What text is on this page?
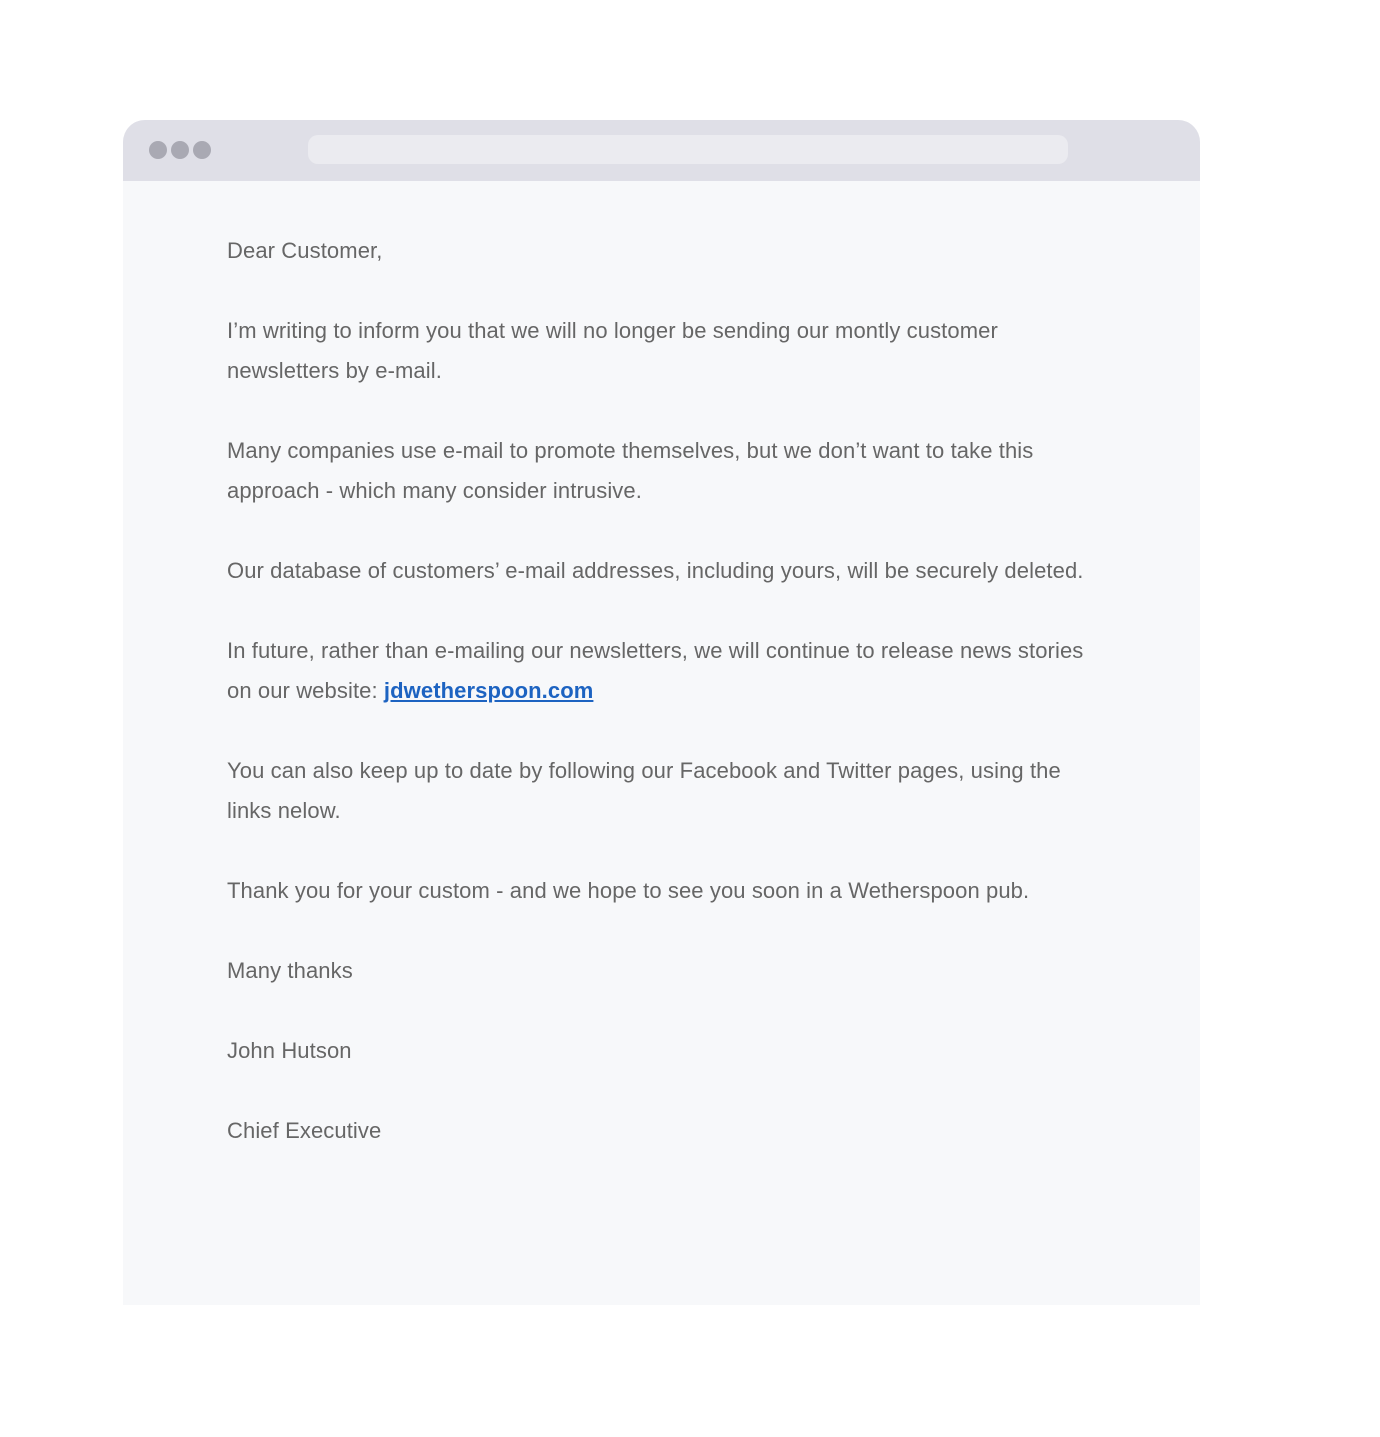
Dear Customer,

I’m writing to inform you that we will no longer be sending our montly customer newsletters by e-mail.

Many companies use e-mail to promote themselves, but we don’t want to take this approach - which many consider intrusive.

Our database of customers’ e-mail addresses, including yours, will be securely deleted.

In future, rather than e-mailing our newsletters, we will continue to release news stories on our website: jdwetherspoon.com

You can also keep up to date by following our Facebook and Twitter pages, using the links nelow.

Thank you for your custom - and we hope to see you soon in a Wetherspoon pub.

Many thanks

John Hutson

Chief Executive
